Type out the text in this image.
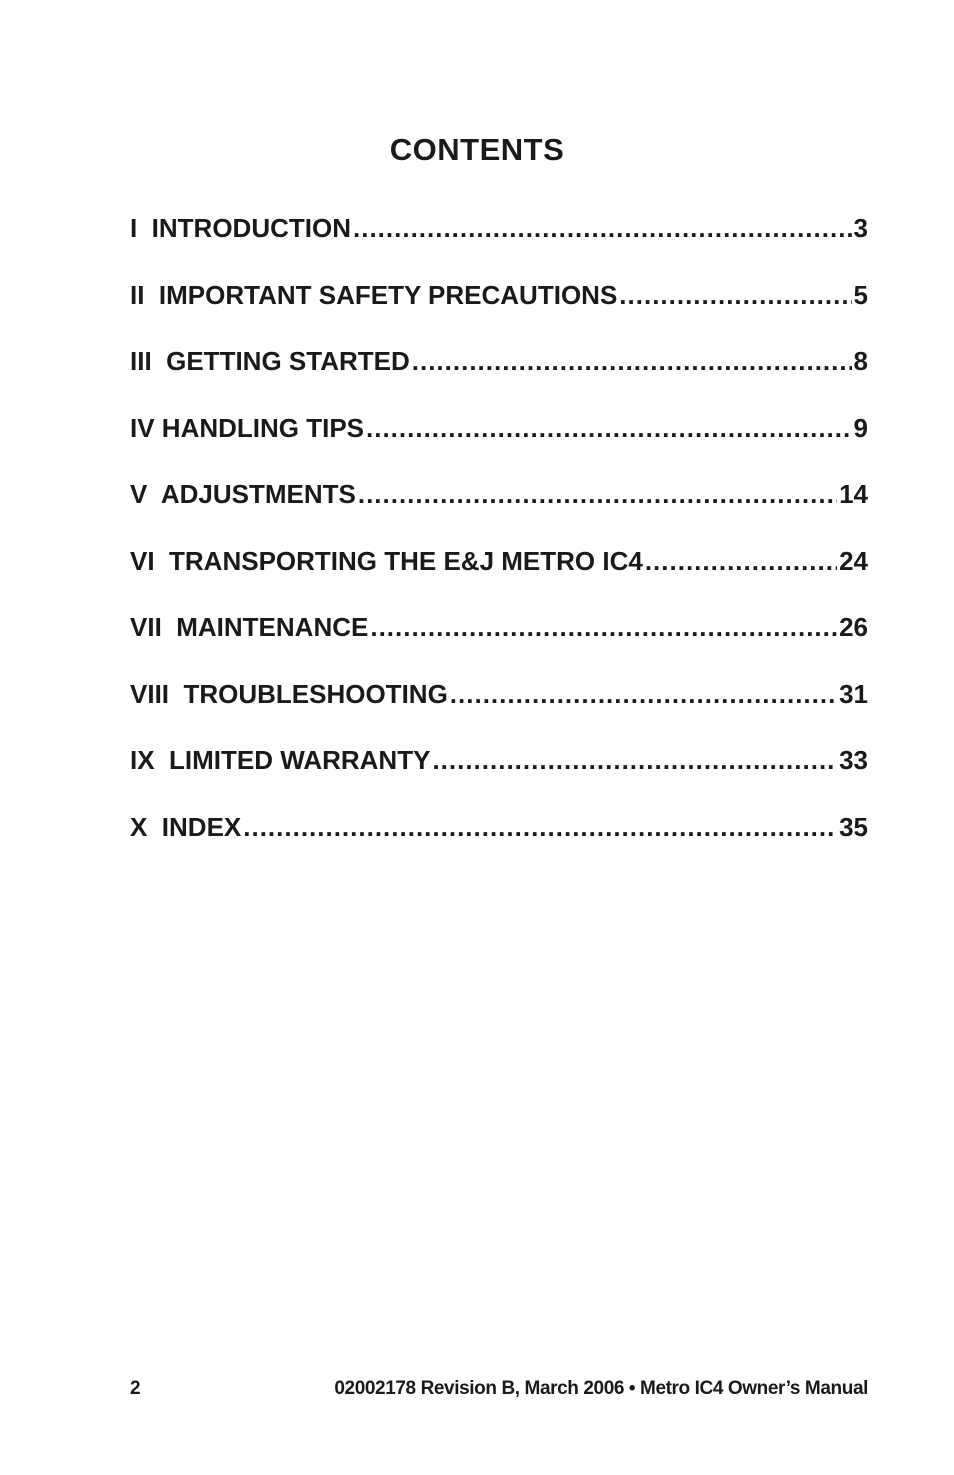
CONTENTS
I  INTRODUCTION .....	3
II  IMPORTANT SAFETY PRECAUTIONS .....	5
III  GETTING STARTED .....	8
IV HANDLING TIPS .....	9
V  ADJUSTMENTS .....	14
VI  TRANSPORTING THE E&J METRO IC4 .....	24
VII  MAINTENANCE .....	26
VIII  TROUBLESHOOTING .....	31
IX  LIMITED WARRANTY .....	33
X  INDEX .....	35
2	02002178 Revision B, March 2006 • Metro IC4 Owner’s Manual
